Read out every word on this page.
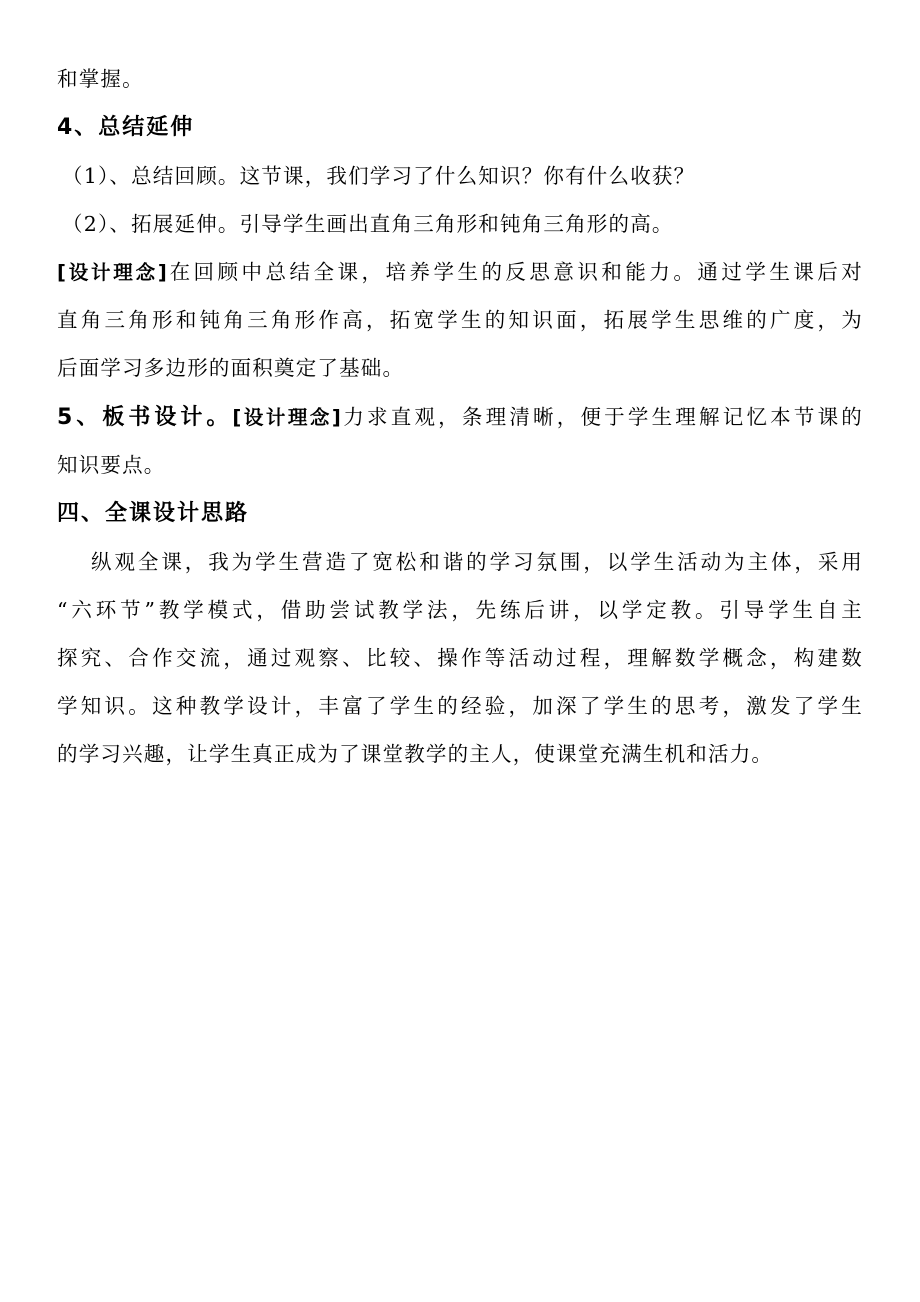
和掌握。
4、总结延伸
（1）、总结回顾。这节课，我们学习了什么知识？你有什么收获？
（2）、拓展延伸。引导学生画出直角三角形和钝角三角形的高。
[设计理念]在回顾中总结全课，培养学生的反思意识和能力。通过学生课后对
直角三角形和钝角三角形作高，拓宽学生的知识面，拓展学生思维的广度，为
后面学习多边形的面积奠定了基础。
5、板书设计。[设计理念]力求直观，条理清晰，便于学生理解记忆本节课的
知识要点。
四、全课设计思路
纵观全课，我为学生营造了宽松和谐的学习氛围，以学生活动为主体，采用
“六环节”教学模式，借助尝试教学法，先练后讲，以学定教。引导学生自主
探究、合作交流，通过观察、比较、操作等活动过程，理解数学概念，构建数
学知识。这种教学设计，丰富了学生的经验，加深了学生的思考，激发了学生
的学习兴趣，让学生真正成为了课堂教学的主人，使课堂充满生机和活力。
